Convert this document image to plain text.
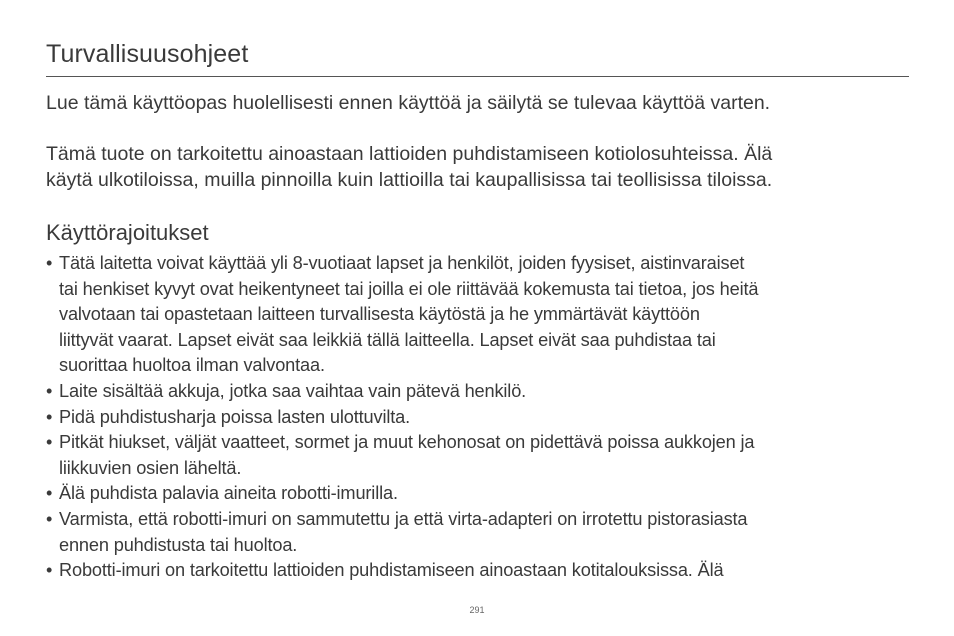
Turvallisuusohjeet

Lue tämä käyttöopas huolellisesti ennen käyttöä ja säilytä se tulevaa käyttöä varten.

Tämä tuote on tarkoitettu ainoastaan lattioiden puhdistamiseen kotiolosuhteissa. Älä
käytä ulkotiloissa, muilla pinnoilla kuin lattioilla tai kaupallisissa tai teollisissa tiloissa.

Käyttörajoitukset
• Tätä laitetta voivat käyttää yli 8-vuotiaat lapset ja henkilöt, joiden fyysiset, aistinvaraiset
tai henkiset kyvyt ovat heikentyneet tai joilla ei ole riittävää kokemusta tai tietoa, jos heitä
valvotaan tai opastetaan laitteen turvallisesta käytöstä ja he ymmärtävät käyttöön
liittyvät vaarat. Lapset eivät saa leikkiä tällä laitteella. Lapset eivät saa puhdistaa tai
suorittaa huoltoa ilman valvontaa.
• Laite sisältää akkuja, jotka saa vaihtaa vain pätevä henkilö.
• Pidä puhdistusharja poissa lasten ulottuvilta.
• Pitkät hiukset, väljät vaatteet, sormet ja muut kehonosat on pidettävä poissa aukkojen ja
liikkuvien osien läheltä.
• Älä puhdista palavia aineita robotti-imurilla.
• Varmista, että robotti-imuri on sammutettu ja että virta-adapteri on irrotettu pistorasiasta
ennen puhdistusta tai huoltoa.
• Robotti-imuri on tarkoitettu lattioiden puhdistamiseen ainoastaan kotitalouksissa. Älä
291
